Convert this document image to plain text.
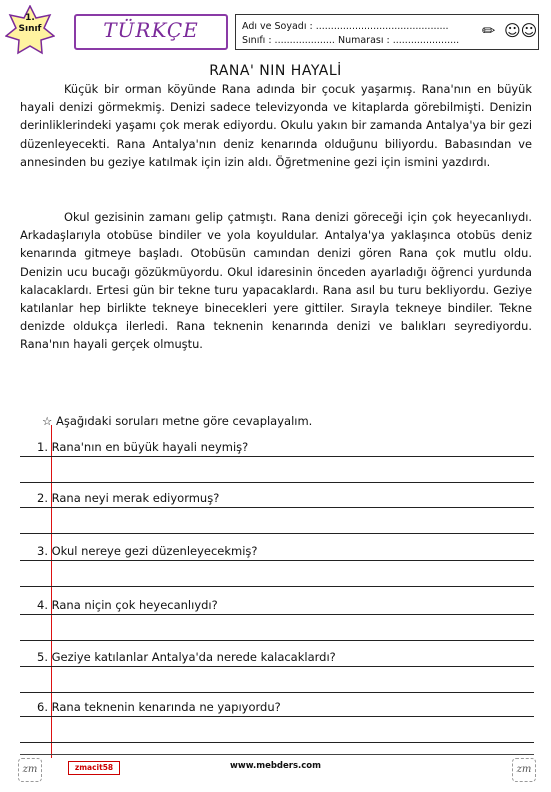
1.
Sınıf	TÜRKÇE	Adı ve Soyadı : ............................................
Sınıfı : .................... Numarası : ......................
✏ ☺☺
RANA' NIN HAYALİ
Küçük bir orman köyünde Rana adında bir çocuk yaşarmış. Rana'nın en büyük hayali denizi görmekmiş. Denizi sadece televizyonda ve kitaplarda görebilmişti. Denizin derinliklerindeki yaşamı çok merak ediyordu. Okulu yakın bir zamanda Antalya'ya bir gezi düzenleyecekti. Rana Antalya'nın deniz kenarında olduğunu biliyordu. Babasından ve annesinden bu geziye katılmak için izin aldı. Öğretmenine gezi için ismini yazdırdı.
Okul gezisinin zamanı gelip çatmıştı. Rana denizi göreceği için çok heyecanlıydı. Arkadaşlarıyla otobüse bindiler ve yola koyuldular. Antalya'ya yaklaşınca otobüs deniz kenarında gitmeye başladı. Otobüsün camından denizi gören Rana çok mutlu oldu. Denizin ucu bucağı gözükmüyordu. Okul idaresinin önceden ayarladığı öğrenci yurdunda kalacaklardı. Ertesi gün bir tekne turu yapacaklardı. Rana asıl bu turu bekliyordu. Geziye katılanlar hep birlikte tekneye binecekleri yere gittiler. Sırayla tekneye bindiler. Tekne denizde oldukça ilerledi. Rana teknenin kenarında denizi ve balıkları seyrediyordu. Rana'nın hayali gerçek olmuştu.
☆ Aşağıdaki soruları metne göre cevaplayalım.
1. Rana'nın en büyük hayali neymiş?
2. Rana neyi merak ediyormuş?
3. Okul nereye gezi düzenleyecekmiş?
4. Rana niçin çok heyecanlıydı?
5. Geziye katılanlar Antalya'da nerede kalacaklardı?
6. Rana teknenin kenarında ne yapıyordu?
zm	zmacit58	www.mebders.com	zm
